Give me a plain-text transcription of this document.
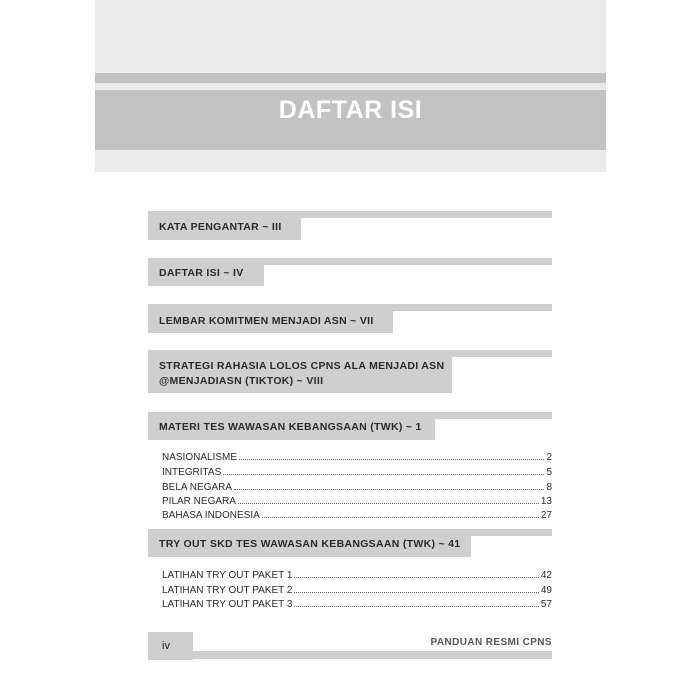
DAFTAR ISI
KATA PENGANTAR ~ III
DAFTAR ISI ~ IV
LEMBAR KOMITMEN MENJADI ASN ~ VII
STRATEGI RAHASIA LOLOS CPNS ALA MENJADI ASN
@MENJADIASN (TIKTOK) ~ VIII
MATERI TES WAWASAN KEBANGSAAN (TWK) ~ 1
NASIONALISME	2
INTEGRITAS	5
BELA NEGARA	8
PILAR NEGARA	13
BAHASA INDONESIA	27
TRY OUT SKD TES WAWASAN KEBANGSAAN (TWK) ~ 41
LATIHAN TRY OUT PAKET 1	42
LATIHAN TRY OUT PAKET 2	49
LATIHAN TRY OUT PAKET 3	57
iv	PANDUAN RESMI CPNS
